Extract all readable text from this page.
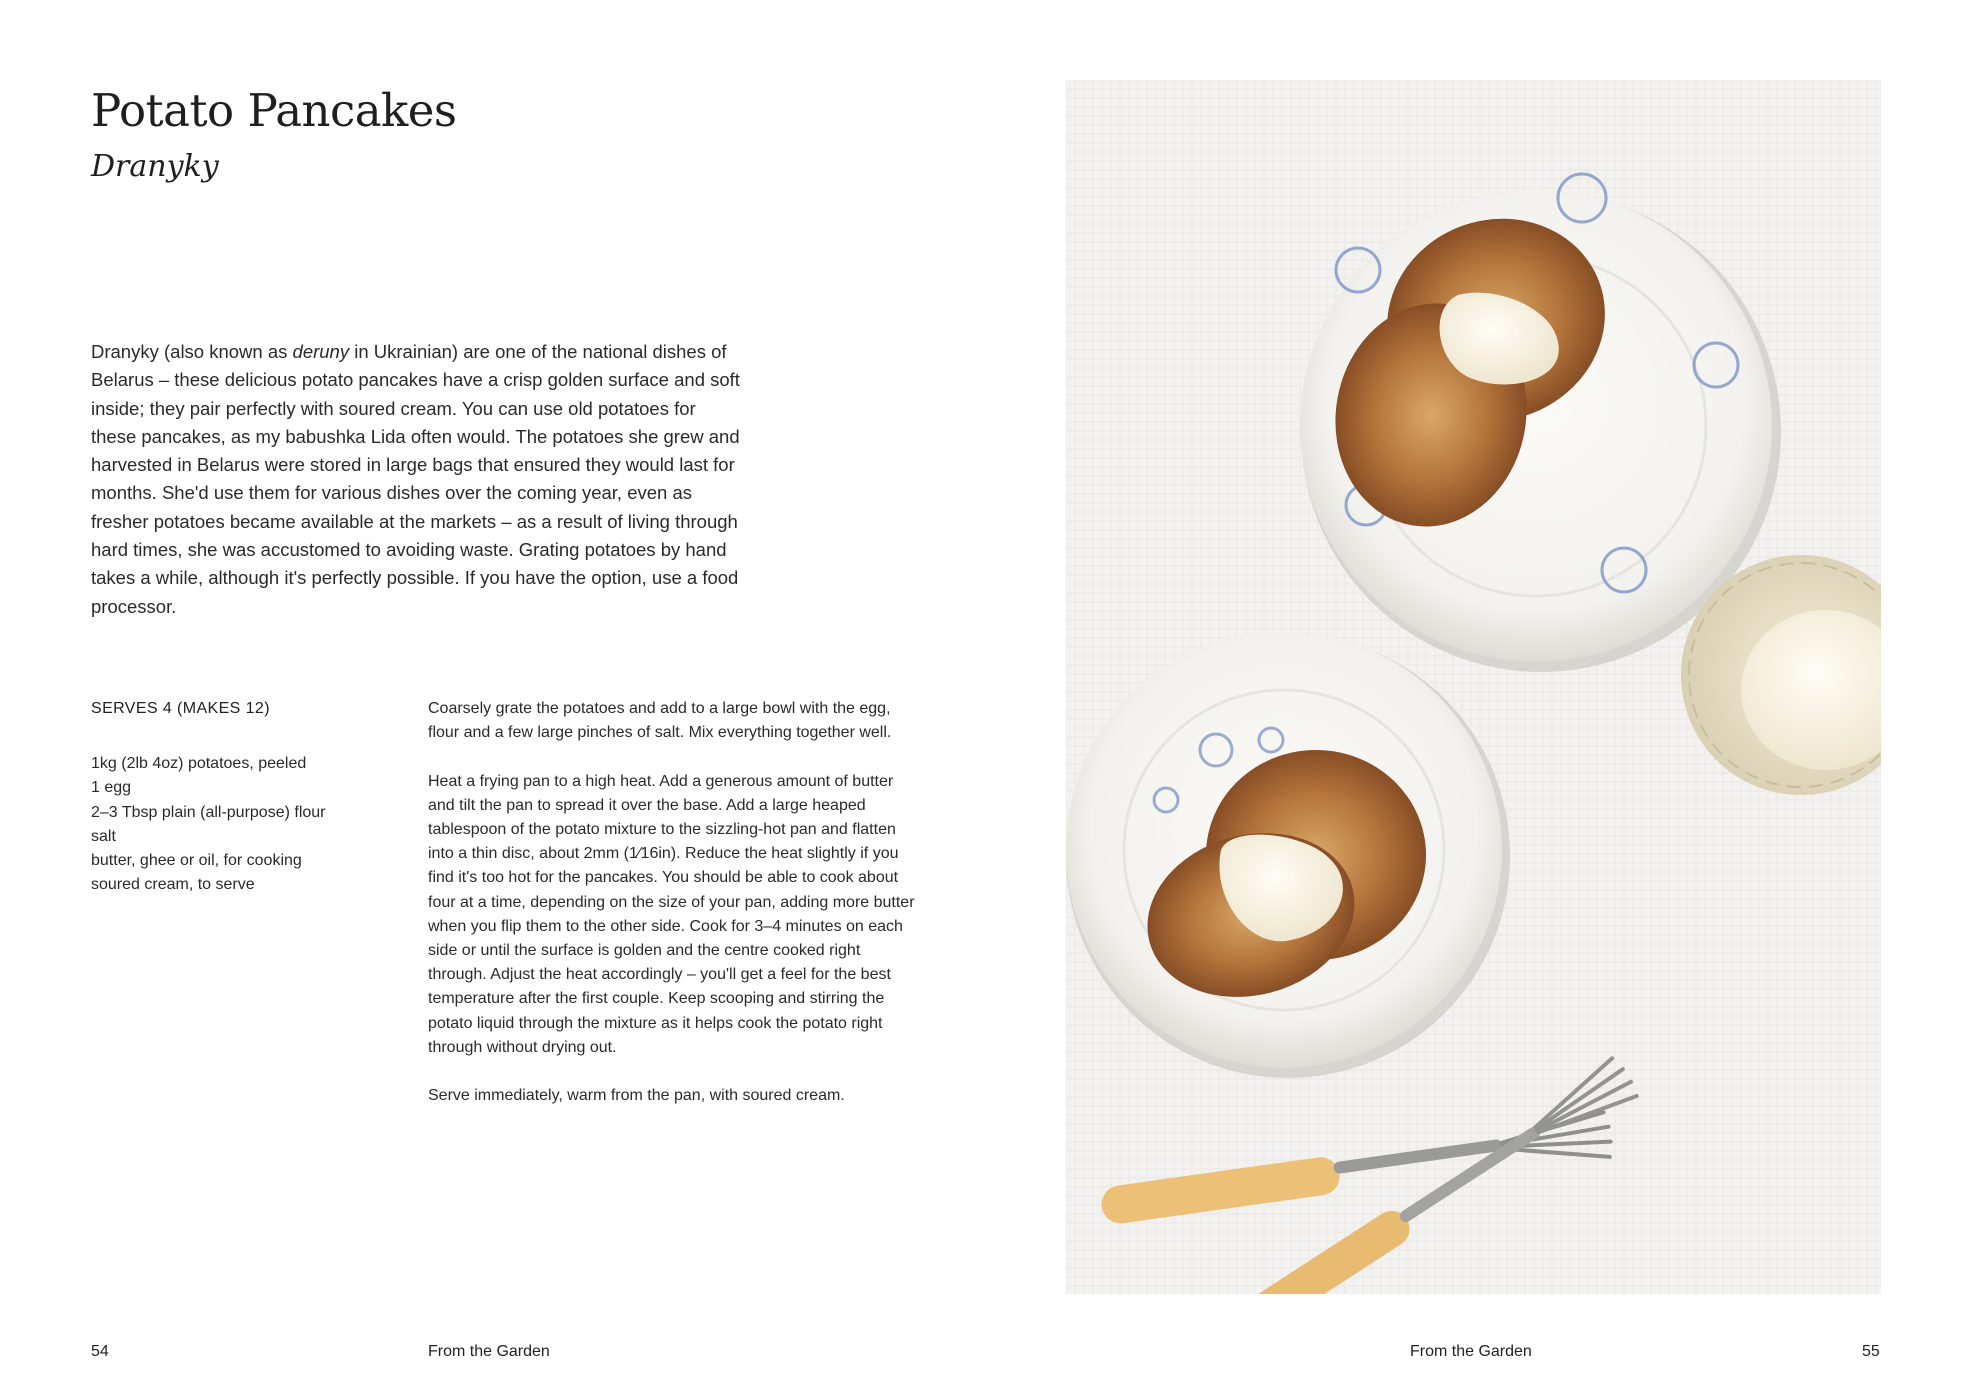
Potato Pancakes
Dranyky

Dranyky (also known as deruny in Ukrainian) are one of the national dishes of Belarus – these delicious potato pancakes have a crisp golden surface and soft inside; they pair perfectly with soured cream. You can use old potatoes for these pancakes, as my babushka Lida often would. The potatoes she grew and harvested in Belarus were stored in large bags that ensured they would last for months. She'd use them for various dishes over the coming year, even as fresher potatoes became available at the markets – as a result of living through hard times, she was accustomed to avoiding waste. Grating potatoes by hand takes a while, although it's perfectly possible. If you have the option, use a food processor.

SERVES 4 (MAKES 12)

1kg (2lb 4oz) potatoes, peeled
1 egg
2–3 Tbsp plain (all-purpose) flour
salt
butter, ghee or oil, for cooking
soured cream, to serve

Coarsely grate the potatoes and add to a large bowl with the egg, flour and a few large pinches of salt. Mix everything together well.

Heat a frying pan to a high heat. Add a generous amount of butter and tilt the pan to spread it over the base. Add a large heaped tablespoon of the potato mixture to the sizzling-hot pan and flatten into a thin disc, about 2mm (1⁄16in). Reduce the heat slightly if you find it's too hot for the pancakes. You should be able to cook about four at a time, depending on the size of your pan, adding more butter when you flip them to the other side. Cook for 3–4 minutes on each side or until the surface is golden and the centre cooked right through. Adjust the heat accordingly – you'll get a feel for the best temperature after the first couple. Keep scooping and stirring the potato liquid through the mixture as it helps cook the potato right through without drying out.

Serve immediately, warm from the pan, with soured cream.

54	From the Garden	From the Garden	55
